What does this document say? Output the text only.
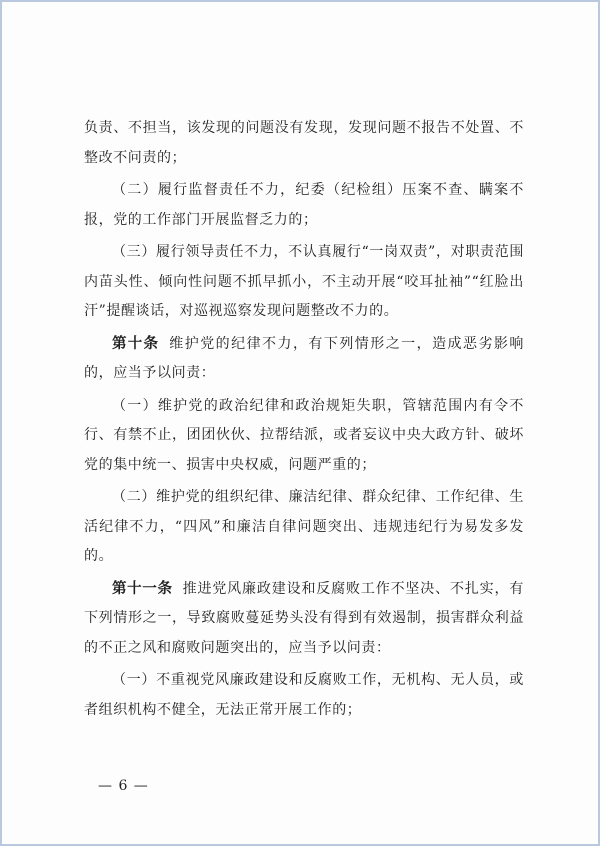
负责、不担当，该发现的问题没有发现，发现问题不报告不处置、不整改不问责的；

（二）履行监督责任不力，纪委（纪检组）压案不查、瞒案不报，党的工作部门开展监督乏力的；

（三）履行领导责任不力，不认真履行“一岗双责”，对职责范围内苗头性、倾向性问题不抓早抓小，不主动开展“咬耳扯袖”“红脸出汗”提醒谈话，对巡视巡察发现问题整改不力的。

第十条 维护党的纪律不力，有下列情形之一，造成恶劣影响的，应当予以问责：

（一）维护党的政治纪律和政治规矩失职，管辖范围内有令不行、有禁不止，团团伙伙、拉帮结派，或者妄议中央大政方针、破坏党的集中统一、损害中央权威，问题严重的；

（二）维护党的组织纪律、廉洁纪律、群众纪律、工作纪律、生活纪律不力，“四风”和廉洁自律问题突出、违规违纪行为易发多发的。

第十一条 推进党风廉政建设和反腐败工作不坚决、不扎实，有下列情形之一，导致腐败蔓延势头没有得到有效遏制，损害群众利益的不正之风和腐败问题突出的，应当予以问责：

（一）不重视党风廉政建设和反腐败工作，无机构、无人员，或者组织机构不健全，无法正常开展工作的；

— 6 —
